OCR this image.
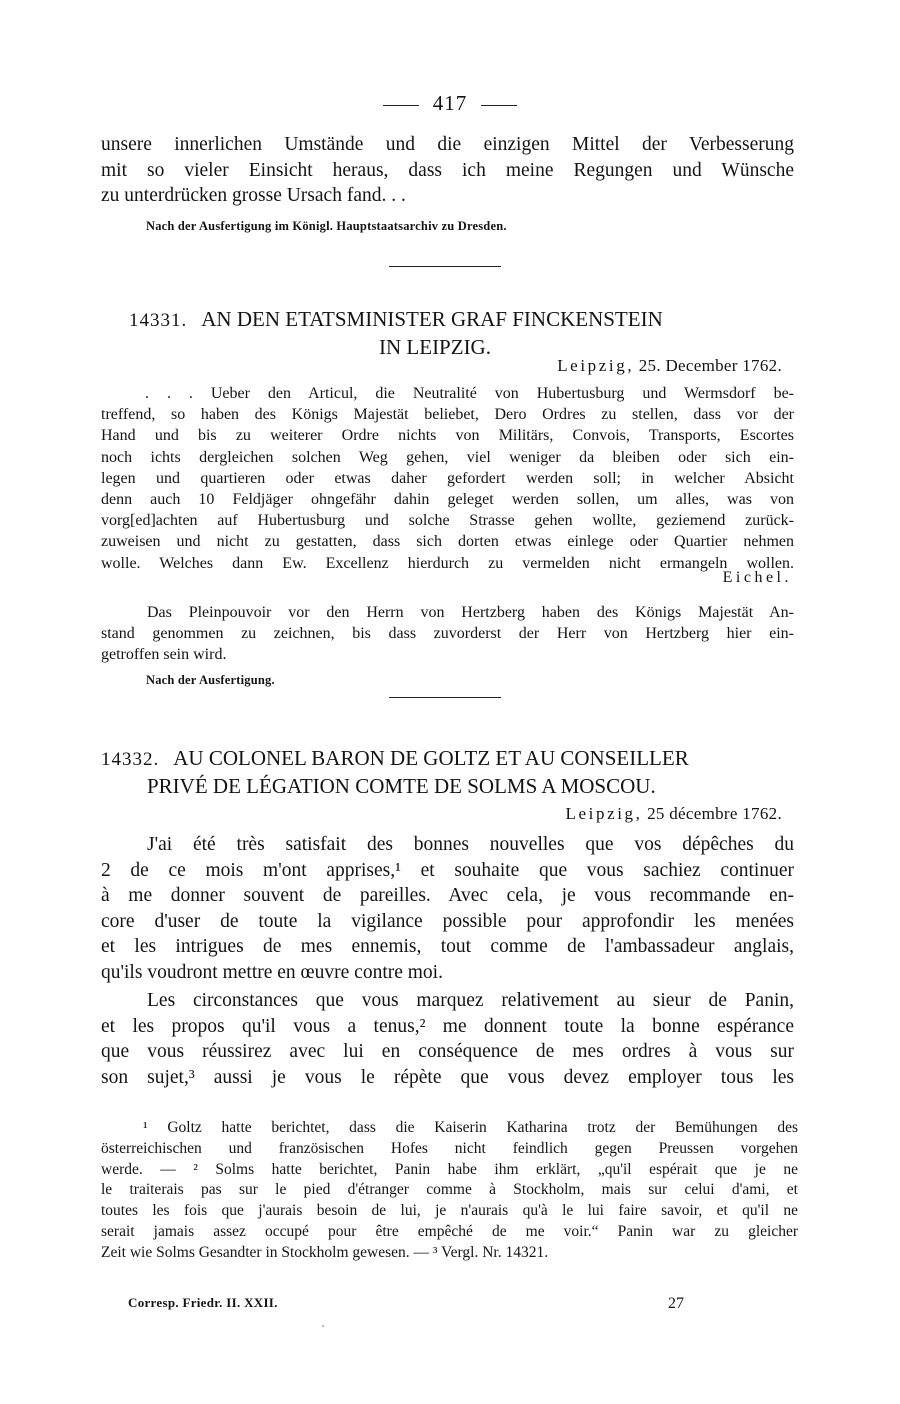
417
unsere innerlichen Umstände und die einzigen Mittel der Verbesserung
mit so vieler Einsicht heraus, dass ich meine Regungen und Wünsche
zu unterdrücken grosse Ursach fand. . .
Nach der Ausfertigung im Königl. Hauptstaatsarchiv zu Dresden.
14331. AN DEN ETATSMINISTER GRAF FINCKENSTEIN
IN LEIPZIG.
Leipzig, 25. December 1762.
. . . Ueber den Articul, die Neutralité von Hubertusburg und Wermsdorf be-
treffend, so haben des Königs Majestät beliebet, Dero Ordres zu stellen, dass vor der
Hand und bis zu weiterer Ordre nichts von Militärs, Convois, Transports, Escortes
noch ichts dergleichen solchen Weg gehen, viel weniger da bleiben oder sich ein-
legen und quartieren oder etwas daher gefordert werden soll; in welcher Absicht
denn auch 10 Feldjäger ohngefähr dahin geleget werden sollen, um alles, was von
vorg[ed]achten auf Hubertusburg und solche Strasse gehen wollte, geziemend zurück-
zuweisen und nicht zu gestatten, dass sich dorten etwas einlege oder Quartier nehmen
wolle. Welches dann Ew. Excellenz hierdurch zu vermelden nicht ermangeln wollen.
Eichel.
Das Pleinpouvoir vor den Herrn von Hertzberg haben des Königs Majestät An-
stand genommen zu zeichnen, bis dass zuvorderst der Herr von Hertzberg hier ein-
getroffen sein wird.
Nach der Ausfertigung.
14332. AU COLONEL BARON DE GOLTZ ET AU CONSEILLER
PRIVÉ DE LÉGATION COMTE DE SOLMS A MOSCOU.
Leipzig, 25 décembre 1762.
J'ai été très satisfait des bonnes nouvelles que vos dépêches du
2 de ce mois m'ont apprises,¹ et souhaite que vous sachiez continuer
à me donner souvent de pareilles. Avec cela, je vous recommande en-
core d'user de toute la vigilance possible pour approfondir les menées
et les intrigues de mes ennemis, tout comme de l'ambassadeur anglais,
qu'ils voudront mettre en œuvre contre moi.
Les circonstances que vous marquez relativement au sieur de Panin,
et les propos qu'il vous a tenus,² me donnent toute la bonne espérance
que vous réussirez avec lui en conséquence de mes ordres à vous sur
son sujet,³ aussi je vous le répète que vous devez employer tous les
¹ Goltz hatte berichtet, dass die Kaiserin Katharina trotz der Bemühungen des
österreichischen und französischen Hofes nicht feindlich gegen Preussen vorgehen
werde. — ² Solms hatte berichtet, Panin habe ihm erklärt, „qu'il espérait que je ne
le traiterais pas sur le pied d'étranger comme à Stockholm, mais sur celui d'ami, et
toutes les fois que j'aurais besoin de lui, je n'aurais qu'à le lui faire savoir, et qu'il ne
serait jamais assez occupé pour être empêché de me voir.“ Panin war zu gleicher
Zeit wie Solms Gesandter in Stockholm gewesen. — ³ Vergl. Nr. 14321.
Corresp. Friedr. II. XXII.	27
